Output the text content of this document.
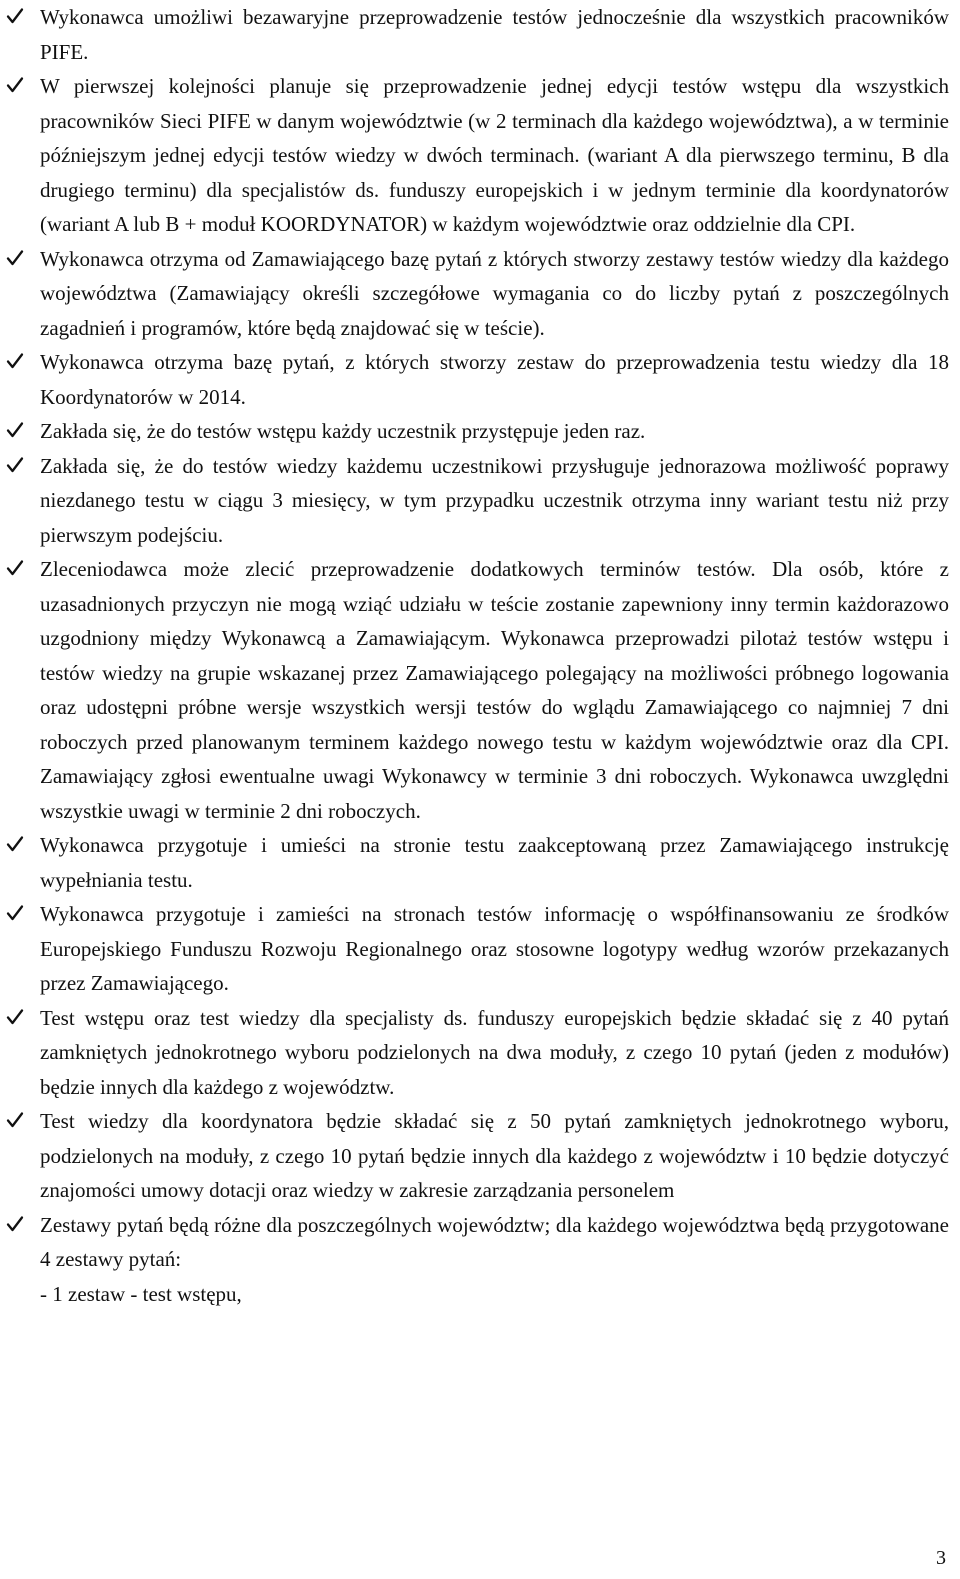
Wykonawca umożliwi bezawaryjne przeprowadzenie testów jednocześnie dla wszystkich pracowników PIFE.
W pierwszej kolejności planuje się przeprowadzenie jednej edycji testów wstępu dla wszystkich pracowników Sieci PIFE w danym województwie (w 2 terminach dla każdego województwa), a w terminie późniejszym jednej edycji testów wiedzy w dwóch terminach. (wariant A dla pierwszego terminu, B dla drugiego terminu) dla specjalistów ds. funduszy europejskich i w jednym terminie dla koordynatorów (wariant A lub B + moduł KOORDYNATOR) w każdym województwie oraz oddzielnie dla CPI.
Wykonawca otrzyma od Zamawiającego bazę pytań z których stworzy zestawy testów wiedzy dla każdego województwa (Zamawiający określi szczegółowe wymagania co do liczby pytań z poszczególnych zagadnień i programów, które będą znajdować się w teście).
Wykonawca otrzyma bazę pytań, z których stworzy zestaw do przeprowadzenia testu wiedzy dla 18 Koordynatorów w 2014.
Zakłada się, że do testów wstępu każdy uczestnik przystępuje jeden raz.
Zakłada się, że do testów wiedzy każdemu uczestnikowi przysługuje jednorazowa możliwość poprawy niezdanego testu w ciągu 3 miesięcy, w tym przypadku uczestnik otrzyma inny wariant testu niż przy pierwszym podejściu.
Zleceniodawca może zlecić przeprowadzenie dodatkowych terminów testów. Dla osób, które z uzasadnionych przyczyn nie mogą wziąć udziału w teście zostanie zapewniony inny termin każdorazowo uzgodniony między Wykonawcą a Zamawiającym. Wykonawca przeprowadzi pilotaż testów wstępu i testów wiedzy na grupie wskazanej przez Zamawiającego polegający na możliwości próbnego logowania oraz udostępni próbne wersje wszystkich wersji testów do wglądu Zamawiającego co najmniej 7 dni roboczych przed planowanym terminem każdego nowego testu w każdym województwie oraz dla CPI. Zamawiający zgłosi ewentualne uwagi Wykonawcy w terminie 3 dni roboczych. Wykonawca uwzględni wszystkie uwagi w terminie 2 dni roboczych.
Wykonawca przygotuje i umieści na stronie testu zaakceptowaną przez Zamawiającego instrukcję wypełniania testu.
Wykonawca przygotuje i zamieści na stronach testów informację o współfinansowaniu ze środków Europejskiego Funduszu Rozwoju Regionalnego oraz stosowne logotypy według wzorów przekazanych przez Zamawiającego.
Test wstępu oraz test wiedzy dla specjalisty ds. funduszy europejskich będzie składać się z 40 pytań zamkniętych jednokrotnego wyboru podzielonych na dwa moduły, z czego 10 pytań (jeden z modułów) będzie innych dla każdego z województw.
Test wiedzy dla koordynatora będzie składać się z 50 pytań zamkniętych jednokrotnego wyboru, podzielonych na moduły, z czego 10 pytań będzie innych dla każdego z województw i 10 będzie dotyczyć znajomości umowy dotacji oraz wiedzy w zakresie zarządzania personelem
Zestawy pytań będą różne dla poszczególnych województw; dla każdego województwa będą przygotowane 4 zestawy pytań:

- 1 zestaw - test wstępu,

3
